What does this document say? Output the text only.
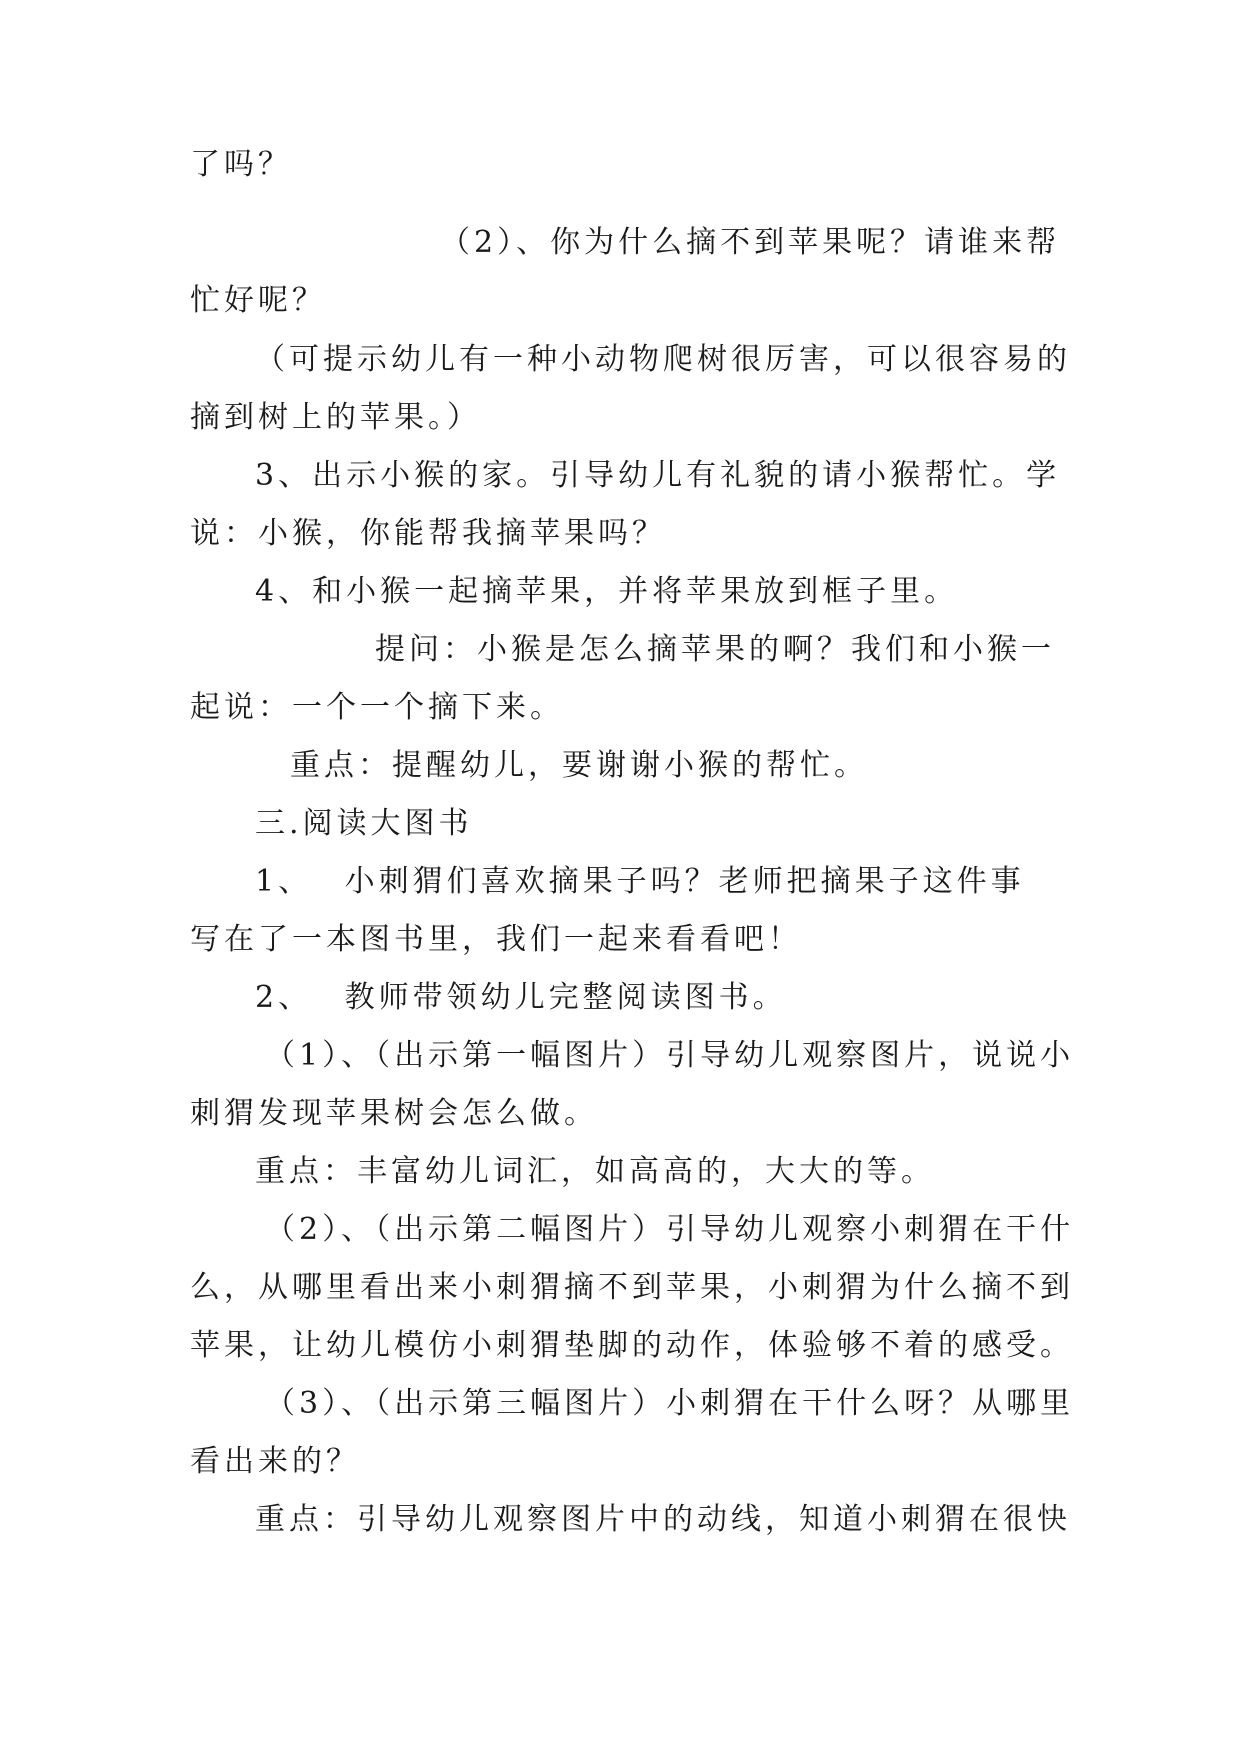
了吗？
（2）、你为什么摘不到苹果呢？请谁来帮
忙好呢？
（可提示幼儿有一种小动物爬树很厉害，可以很容易的
摘到树上的苹果。）
3、出示小猴的家。引导幼儿有礼貌的请小猴帮忙。学
说：小猴，你能帮我摘苹果吗？
4、和小猴一起摘苹果，并将苹果放到框子里。
提问：小猴是怎么摘苹果的啊？我们和小猴一
起说：一个一个摘下来。
重点：提醒幼儿，要谢谢小猴的帮忙。
三.阅读大图书
1、　 小刺猬们喜欢摘果子吗？老师把摘果子这件事
写在了一本图书里，我们一起来看看吧！
2、　 教师带领幼儿完整阅读图书。
（1）、（出示第一幅图片）引导幼儿观察图片，说说小
刺猬发现苹果树会怎么做。
重点：丰富幼儿词汇，如高高的，大大的等。
（2）、（出示第二幅图片）引导幼儿观察小刺猬在干什
么，从哪里看出来小刺猬摘不到苹果，小刺猬为什么摘不到
苹果，让幼儿模仿小刺猬垫脚的动作，体验够不着的感受。
（3）、（出示第三幅图片）小刺猬在干什么呀？从哪里
看出来的？
重点：引导幼儿观察图片中的动线，知道小刺猬在很快
